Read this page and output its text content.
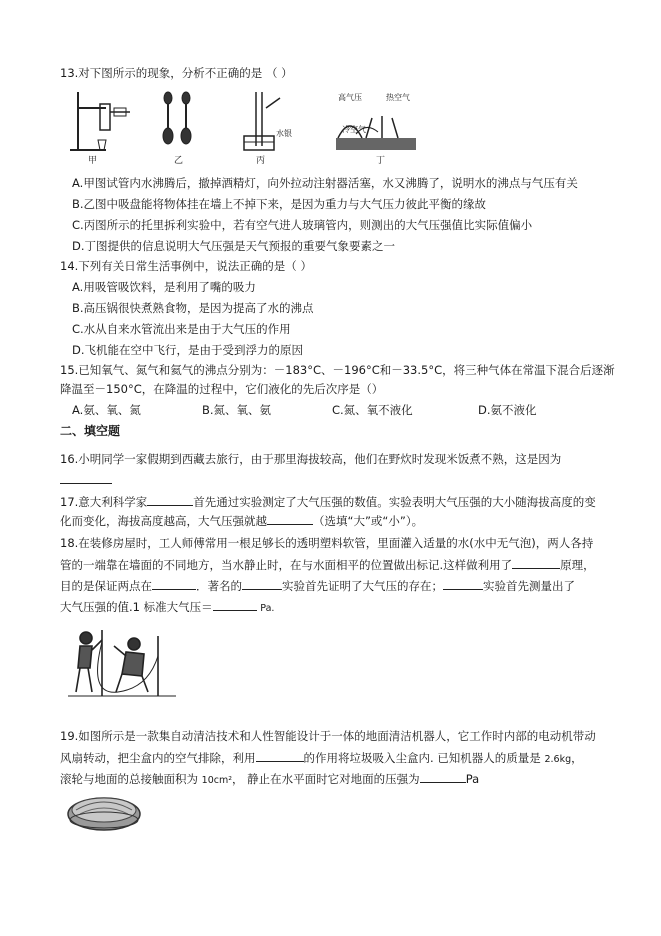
13.对下图所示的现象，分析不正确的是 （ ）
水银
高气压	热空气
冷空气
甲	乙	丙	丁
A.甲图试管内水沸腾后，撤掉酒精灯，向外拉动注射器活塞，水又沸腾了，说明水的沸点与气压有关
B.乙图中吸盘能将物体挂在墙上不掉下来，是因为重力与大气压力彼此平衡的缘故
C.丙图所示的托里拆利实验中，若有空气进人玻璃管内，则测出的大气压强值比实际值偏小
D.丁图提供的信息说明大气压强是天气预报的重要气象要素之一
14.下列有关日常生活事例中，说法正确的是（ ）
A.用吸管吸饮料，是利用了嘴的吸力
B.高压锅很快煮熟食物，是因为提高了水的沸点
C.水从自来水管流出来是由于大气压的作用
D.飞机能在空中飞行，是由于受到浮力的原因
15.已知氧气、氮气和氦气的沸点分别为：－183°C、－196°C和－33.5°C，将三种气体在常温下混合后逐渐
降温至－150°C，在降温的过程中，它们液化的先后次序是（）
A.氨、氧、氮	B.氮、氧、氨	C.氮、氧不液化	D.氨不液化
二、填空题
16.小明同学一家假期到西藏去旅行，由于那里海拔较高，他们在野炊时发现米饭煮不熟，这是因为
17.意大利科学家	首先通过实验测定了大气压强的数值。实验表明大气压强的大小随海拔高度的变
化而变化，海拔高度越高，大气压强就越	（选填“大”或“小”）。
18.在装修房屋时，工人师傅常用一根足够长的透明塑料软管，里面灌入适量的水(水中无气泡)，两人各持
管的一端靠在墙面的不同地方，当水静止时，在与水面相平的位置做出标记.这样做利用了	原理，
目的是保证两点在	．著名的	实验首先证明了大气压的存在；	实验首先测量出了
大气压强的值.1 标准大气压＝	Pa.
19.如图所示是一款集自动清洁技术和人性智能设计于一体的地面清洁机器人，它工作时内部的电动机带动
风扇转动，把尘盒内的空气排除，利用	的作用将垃圾吸入尘盒内. 已知机器人的质量是 2.6kg，
滚轮与地面的总接触面积为 10cm²， 静止在水平面时它对地面的压强为	Pa
